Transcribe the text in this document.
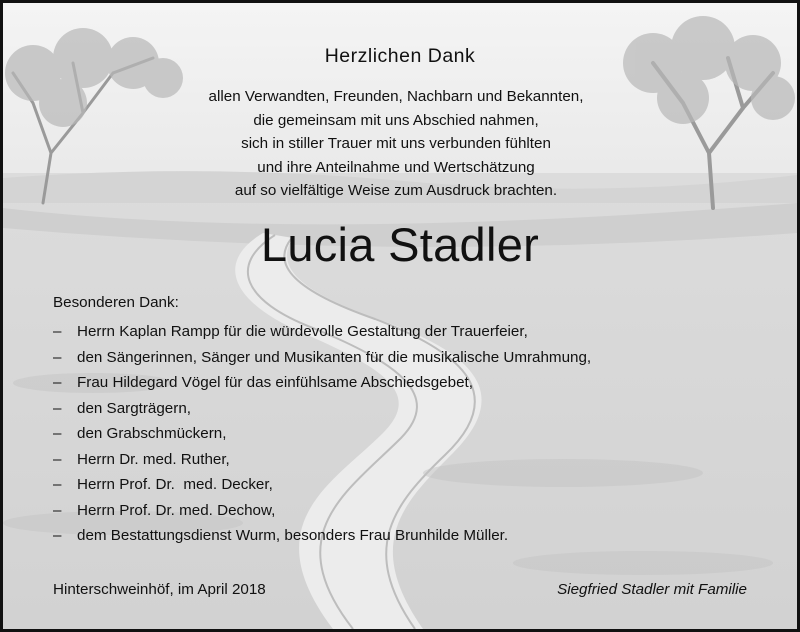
Herzlichen Dank
allen Verwandten, Freunden, Nachbarn und Bekannten,
die gemeinsam mit uns Abschied nahmen,
sich in stiller Trauer mit uns verbunden fühlten
und ihre Anteilnahme und Wertschätzung
auf so vielfältige Weise zum Ausdruck brachten.
Lucia Stadler
Besonderen Dank:
– Herrn Kaplan Rampp für die würdevolle Gestaltung der Trauerfeier,
– den Sängerinnen, Sänger und Musikanten für die musikalische Umrahmung,
– Frau Hildegard Vögel für das einfühlsame Abschiedsgebet,
– den Sargträgern,
– den Grabschmückern,
– Herrn Dr. med. Ruther,
– Herrn Prof. Dr.  med. Decker,
– Herrn Prof. Dr. med. Dechow,
– dem Bestattungsdienst Wurm, besonders Frau Brunhilde Müller.
Hinterschweinhöf, im April 2018	Siegfried Stadler mit Familie
